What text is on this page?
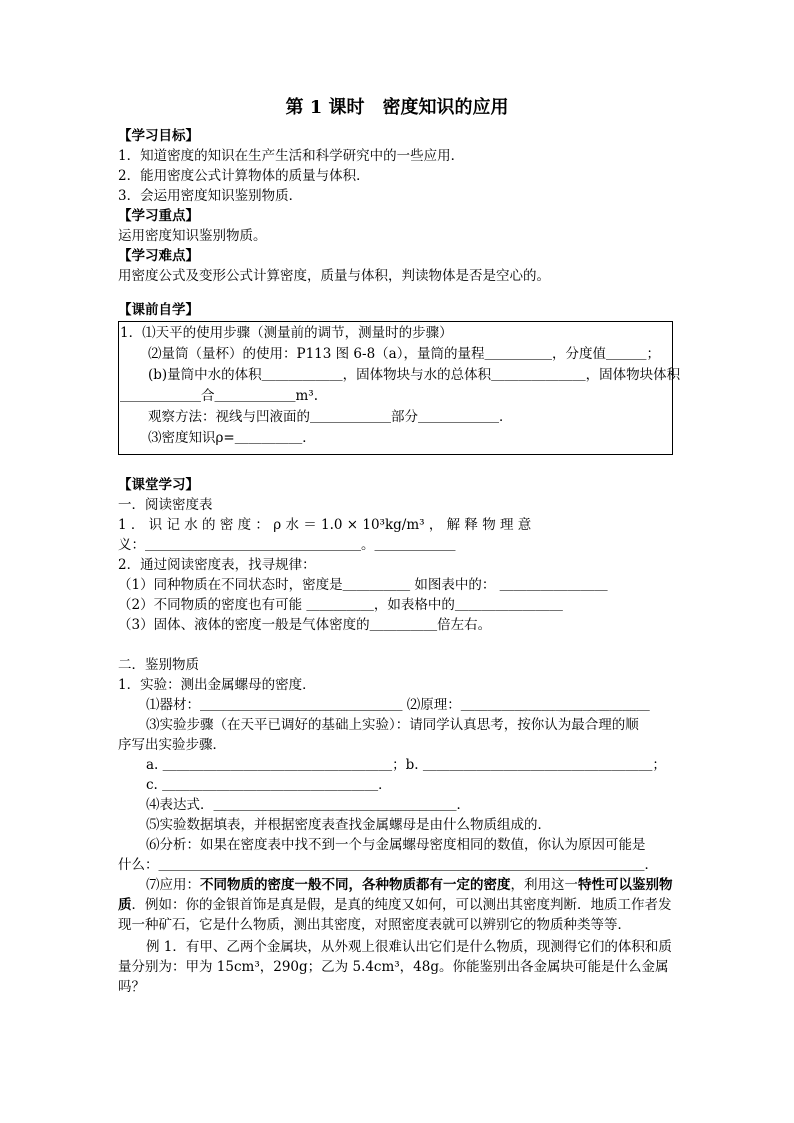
第 1 课时　密度知识的应用
【学习目标】
1．知道密度的知识在生产生活和科学研究中的一些应用．
2．能用密度公式计算物体的质量与体积．
3．会运用密度知识鉴别物质．
【学习重点】
运用密度知识鉴别物质。
【学习难点】
用密度公式及变形公式计算密度，质量与体积，判读物体是否是空心的。
【课前自学】
1．⑴天平的使用步骤（测量前的调节，测量时的步骤）
⑵量筒（量杯）的使用：P113 图 6-8（a），量筒的量程＿＿＿＿＿，分度值＿＿＿；
(b)量筒中水的体积＿＿＿＿＿＿，固体物块与水的总体积＿＿＿＿＿＿＿，固体物块体积
＿＿＿＿＿＿合＿＿＿＿＿＿m³.
观察方法：视线与凹液面的＿＿＿＿＿＿部分＿＿＿＿＿＿．
⑶密度知识ρ=＿＿＿＿＿．
【课堂学习】
一．阅读密度表
1 ． 识 记 水 的 密 度 ： ρ 水 ＝ 1.0 × 10³kg/m³ ， 解 释 物 理 意
义：＿＿＿＿＿＿＿＿＿＿＿＿＿＿＿＿。＿＿＿＿＿＿
2．通过阅读密度表，找寻规律：
（1）同种物质在不同状态时，密度是＿＿＿＿＿ 如图表中的： ＿＿＿＿＿＿＿＿
（2）不同物质的密度也有可能 ＿＿＿＿＿，如表格中的＿＿＿＿＿＿＿＿
（3）固体、液体的密度一般是气体密度的＿＿＿＿＿倍左右。
二．鉴别物质
1．实验：测出金属螺母的密度．
⑴器材：＿＿＿＿＿＿＿＿＿＿＿＿＿＿＿ ⑵原理：＿＿＿＿＿＿＿＿＿＿＿＿＿＿
⑶实验步骤（在天平已调好的基础上实验）：请同学认真思考，按你认为最合理的顺
序写出实验步骤．
a. ＿＿＿＿＿＿＿＿＿＿＿＿＿＿＿＿＿；b. ＿＿＿＿＿＿＿＿＿＿＿＿＿＿＿＿＿；
c. ＿＿＿＿＿＿＿＿＿＿＿＿＿＿＿＿．
⑷表达式．＿＿＿＿＿＿＿＿＿＿＿＿＿＿＿＿＿＿．
⑸实验数据填表，并根据密度表查找金属螺母是由什么物质组成的．
⑹分析：如果在密度表中找不到一个与金属螺母密度相同的数值，你认为原因可能是
什么：＿＿＿＿＿＿＿＿＿＿＿＿＿＿＿＿＿＿＿＿＿＿＿＿＿＿＿＿＿＿＿＿＿＿＿＿．
⑺应用：不同物质的密度一般不同，各种物质都有一定的密度，利用这一特性可以鉴别物质．例如：你的金银首饰是真是假，是真的纯度又如何，可以测出其密度判断．地质工作者发现一种矿石，它是什么物质，测出其密度，对照密度表就可以辨别它的物质种类等等．
例 1．有甲、乙两个金属块，从外观上很难认出它们是什么物质，现测得它们的体积和质量分别为：甲为 15cm³，290g；乙为 5.4cm³，48g。你能鉴别出各金属块可能是什么金属吗？
